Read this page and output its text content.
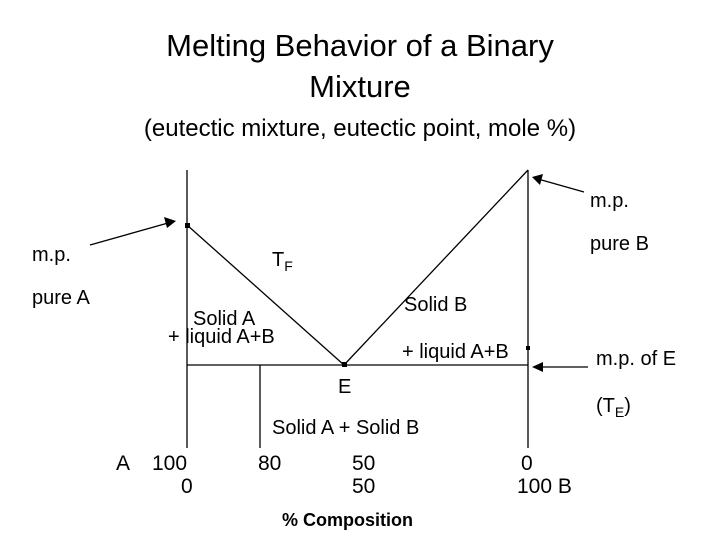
Melting Behavior of a Binary
Mixture
(eutectic mixture, eutectic point, mole %)
m.p.
pure B
m.p.
pure A
$T_F$
Solid B
+ liquid A+B
Solid A
+ liquid A+B
m.p. of E
$(T_E)$
E
Solid A + Solid B
A 100
0
80	50
50
0
100 B
% Composition
